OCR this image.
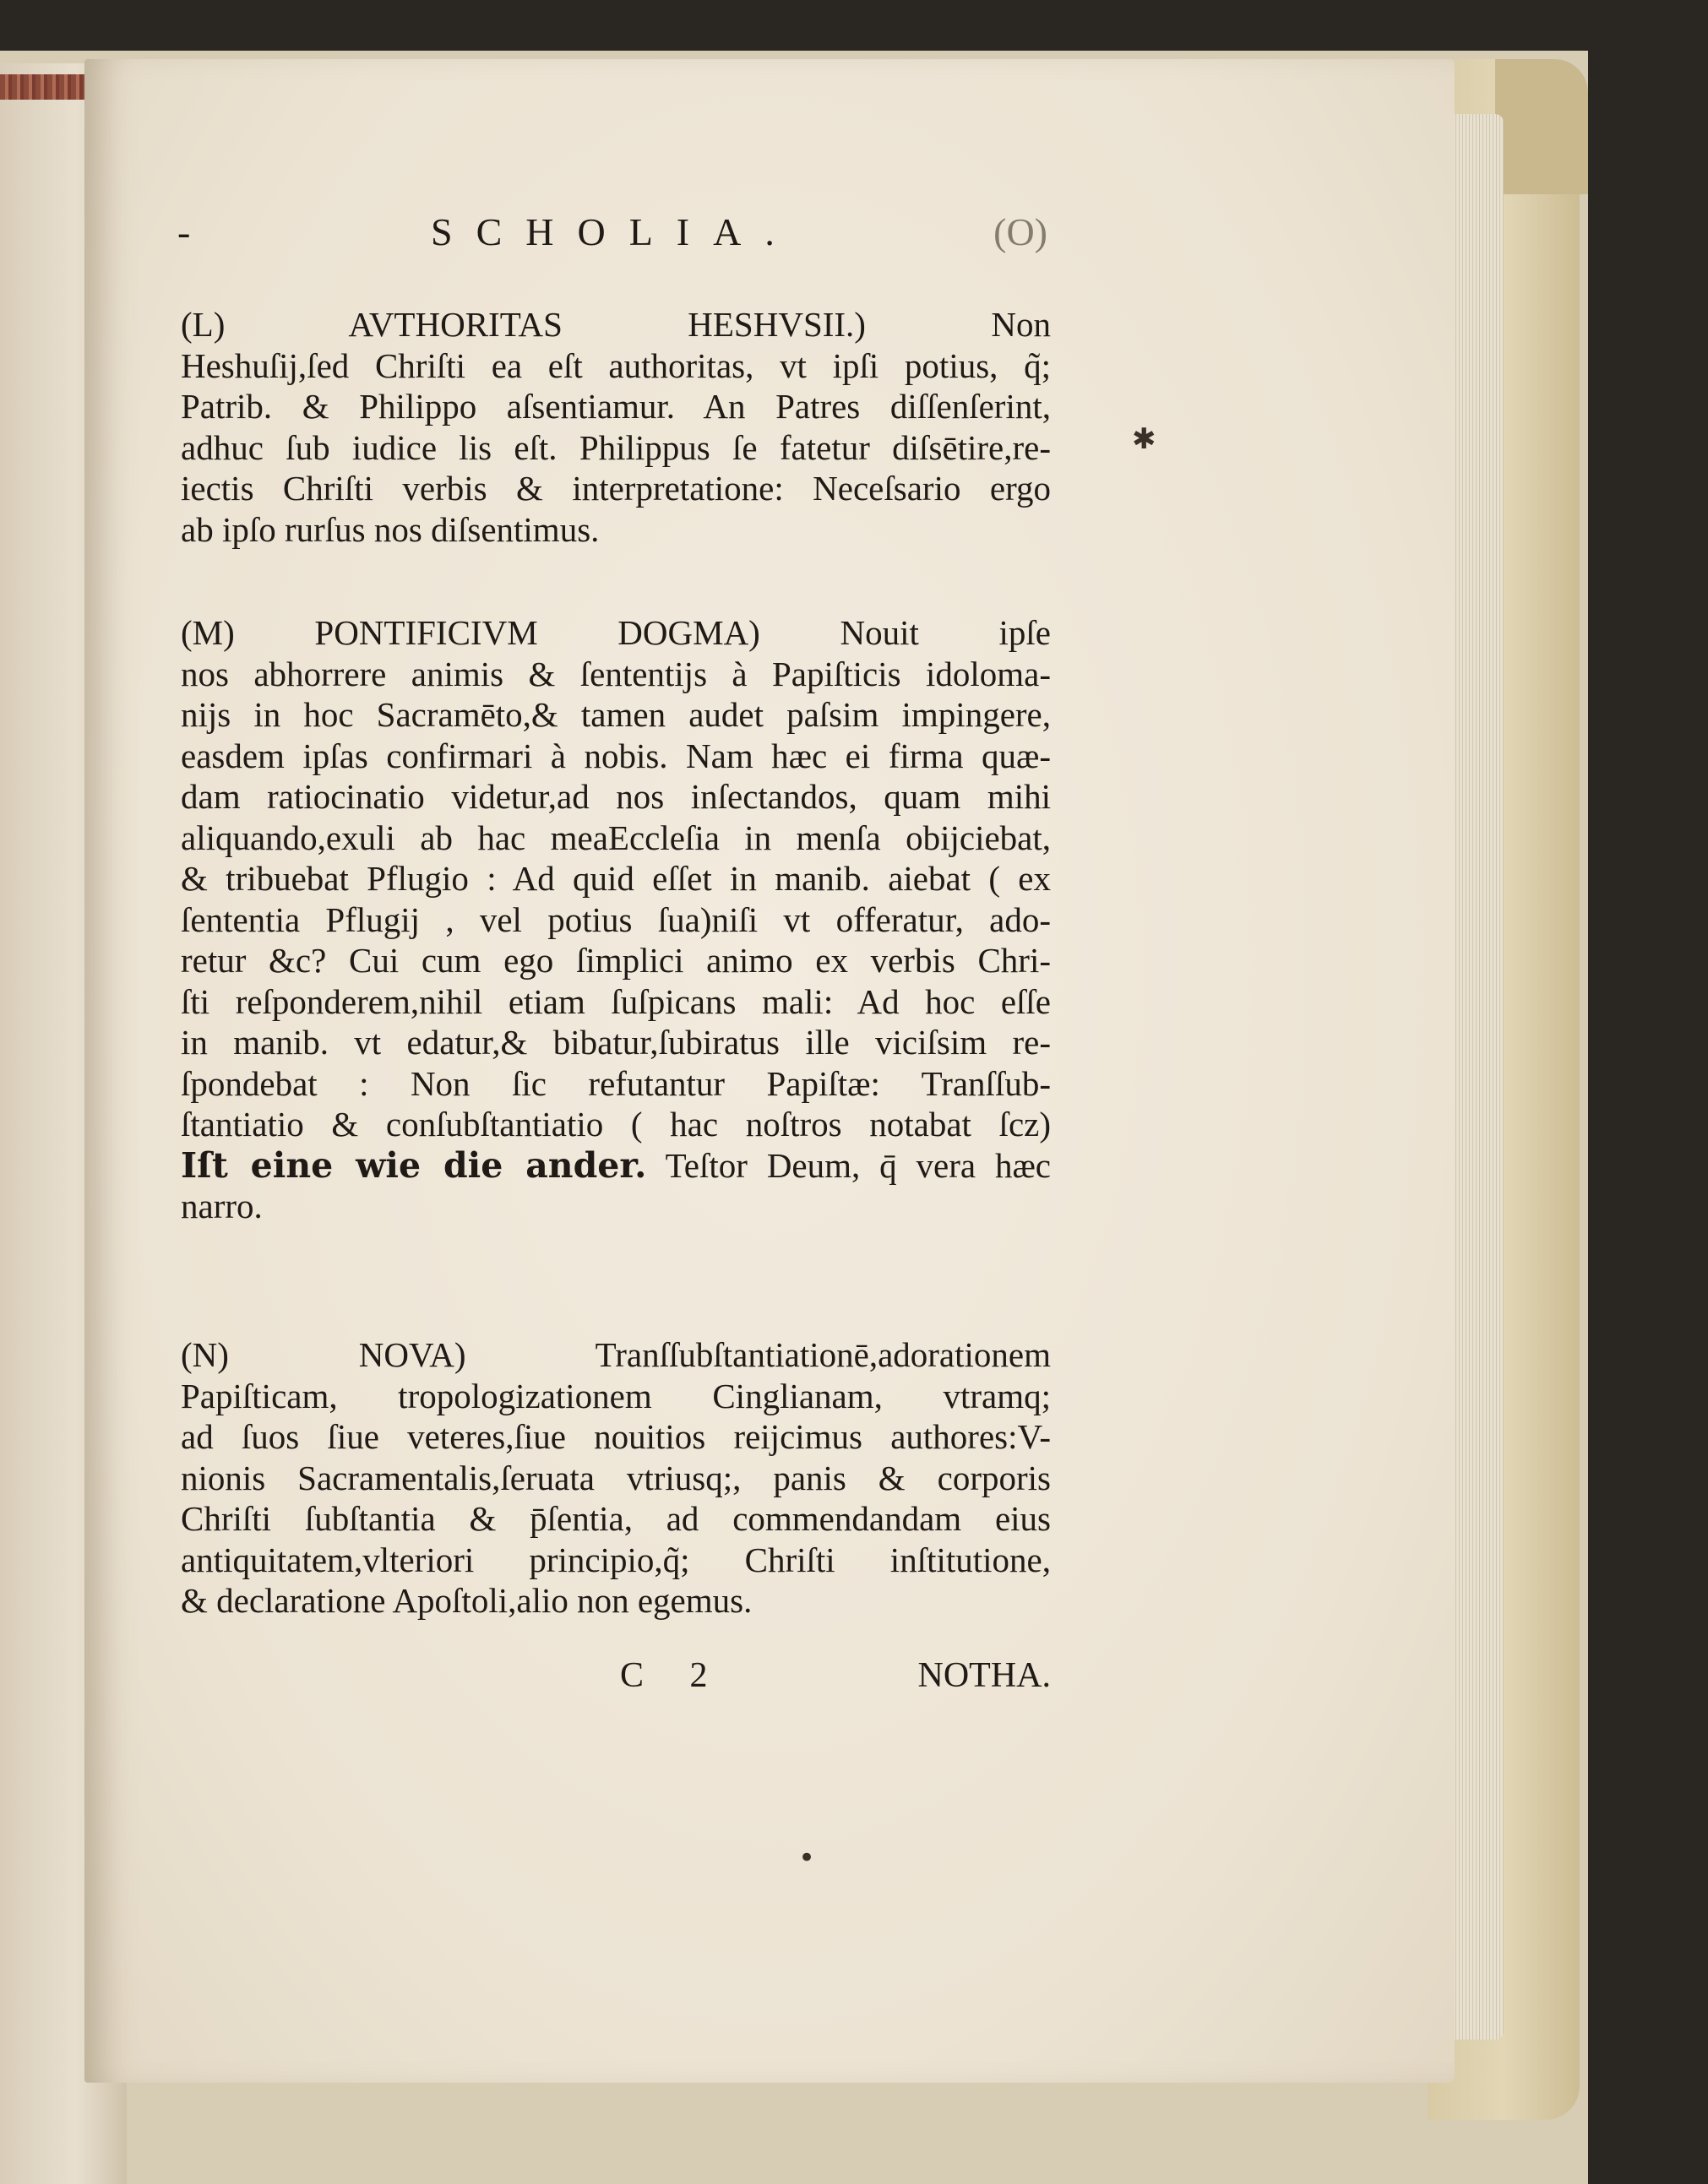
-	SCHOLIA.	(O)
(L) AVTHORITAS HESHVSII.) Non
Heshuſij,ſed Chriſti ea eſt authoritas, vt ipſi potius, q̃;
Patrib. & Philippo aſsentiamur. An Patres diſſenſerint,
adhuc ſub iudice lis eſt. Philippus ſe fatetur diſsētire,re-
iectis Chriſti verbis & interpretatione: Neceſsario ergo
ab ipſo rurſus nos diſsentimus.
(M) PONTIFICIVM DOGMA) Nouit ipſe
nos abhorrere animis & ſententijs à Papiſticis idoloma-
nijs in hoc Sacramēto,& tamen audet paſsim impingere,
easdem ipſas confirmari à nobis. Nam hæc ei firma quæ-
dam ratiocinatio videtur,ad nos inſectandos, quam mihi
aliquando,exuli ab hac meaEccleſia in menſa obijciebat,
& tribuebat Pflugio : Ad quid eſſet in manib. aiebat ( ex
ſententia Pflugij , vel potius ſua)niſi vt offeratur, ado-
retur &c? Cui cum ego ſimplici animo ex verbis Chri-
ſti reſponderem,nihil etiam ſuſpicans mali: Ad hoc eſſe
in manib. vt edatur,& bibatur,ſubiratus ille viciſsim re-
ſpondebat : Non ſic refutantur Papiſtæ: Tranſſub-
ſtantiatio & conſubſtantiatio ( hac noſtros notabat ſcz)
Iſt eine wie die ander. Teſtor Deum, q̄ vera hæc
narro.
(N) NOVA) Tranſſubſtantiationē,adorationem
Papiſticam, tropologizationem Cinglianam, vtramq;
ad ſuos ſiue veteres,ſiue nouitios reijcimus authores:V-
nionis Sacramentalis,ſeruata vtriusq;, panis & corporis
Chriſti ſubſtantia & p̄ſentia, ad commendandam eius
antiquitatem,vlteriori principio,q̃; Chriſti inſtitutione,
& declaratione Apoſtoli,alio non egemus.
C 2	NOTHA.
✱
•
